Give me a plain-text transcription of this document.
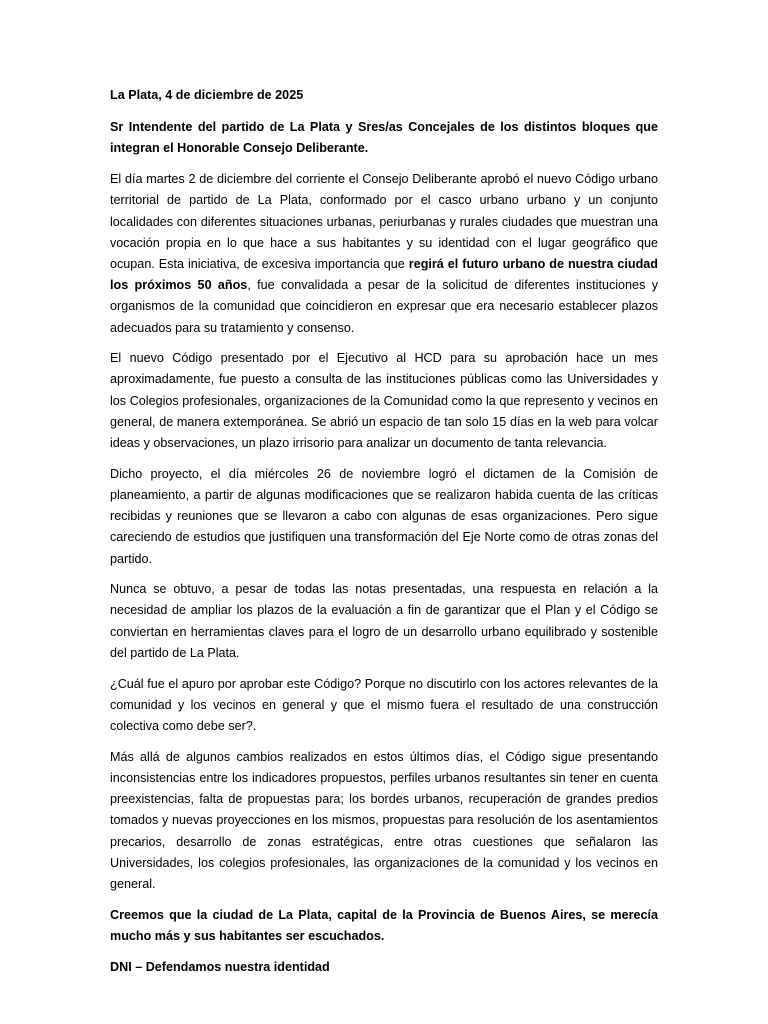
La Plata, 4 de diciembre de 2025

Sr Intendente del partido de La Plata y Sres/as Concejales de los distintos bloques que integran el Honorable Consejo Deliberante.

El día martes 2 de diciembre del corriente el Consejo Deliberante aprobó el nuevo Código urbano territorial de partido de La Plata, conformado por el casco urbano urbano y un conjunto localidades con diferentes situaciones urbanas, periurbanas y rurales ciudades que muestran una vocación propia en lo que hace a sus habitantes y su identidad con el lugar geográfico que ocupan. Esta iniciativa, de excesiva importancia que regirá el futuro urbano de nuestra ciudad los próximos 50 años, fue convalidada a pesar de la solicitud de diferentes instituciones y organismos de la comunidad que coincidieron en expresar que era necesario establecer plazos adecuados para su tratamiento y consenso.

El nuevo Código presentado por el Ejecutivo al HCD para su aprobación hace un mes aproximadamente, fue puesto a consulta de las instituciones públicas como las Universidades y los Colegios profesionales, organizaciones de la Comunidad como la que represento y vecinos en general, de manera extemporánea. Se abrió un espacio de tan solo 15 días en la web para volcar ideas y observaciones, un plazo irrisorio para analizar un documento de tanta relevancia.

Dicho proyecto, el día miércoles 26 de noviembre logró el dictamen de la Comisión de planeamiento, a partir de algunas modificaciones que se realizaron habida cuenta de las críticas recibidas y reuniones que se llevaron a cabo con algunas de esas organizaciones. Pero sigue careciendo de estudios que justifiquen una transformación del Eje Norte como de otras zonas del partido.

Nunca se obtuvo, a pesar de todas las notas presentadas, una respuesta en relación a la necesidad de ampliar los plazos de la evaluación a fin de garantizar que el Plan y el Código se conviertan en herramientas claves para el logro de un desarrollo urbano equilibrado y sostenible del partido de La Plata.

¿Cuál fue el apuro por aprobar este Código? Porque no discutirlo con los actores relevantes de la comunidad y los vecinos en general y que el mismo fuera el resultado de una construcción colectiva como debe ser?.

Más allá de algunos cambios realizados en estos últimos días, el Código sigue presentando inconsistencias entre los indicadores propuestos, perfiles urbanos resultantes sin tener en cuenta preexistencias, falta de propuestas para; los bordes urbanos, recuperación de grandes predios tomados y nuevas proyecciones en los mismos, propuestas para resolución de los asentamientos precarios, desarrollo de zonas estratégicas, entre otras cuestiones que señalaron las Universidades, los colegios profesionales, las organizaciones de la comunidad y los vecinos en general.

Creemos que la ciudad de La Plata, capital de la Provincia de Buenos Aires, se merecía mucho más y sus habitantes ser escuchados.

DNI – Defendamos nuestra identidad
